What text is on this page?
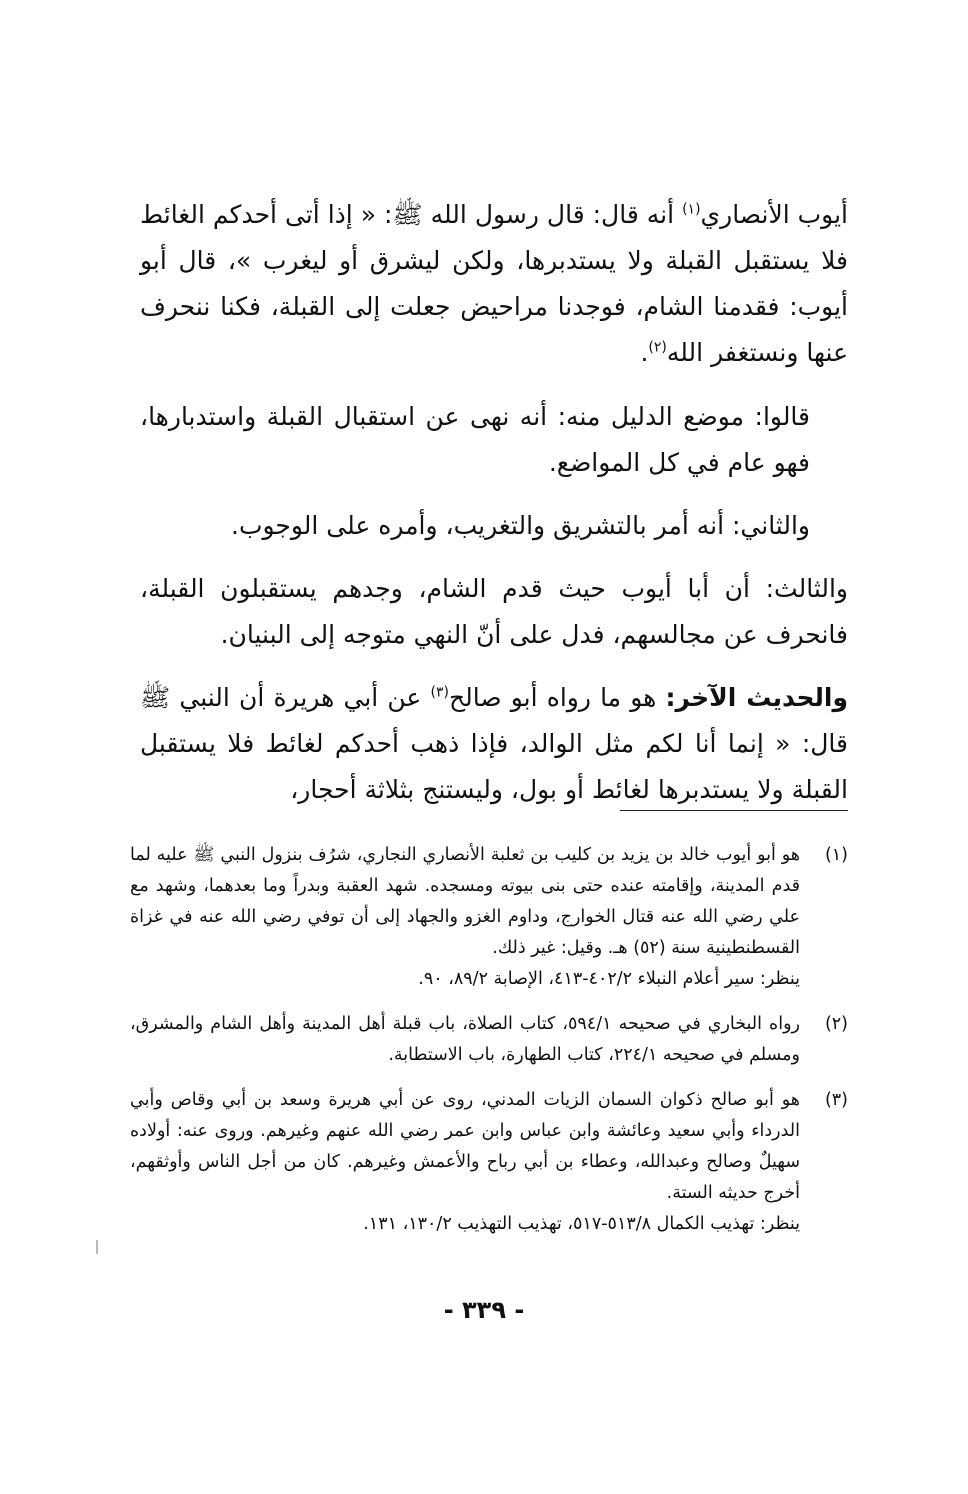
أيوب الأنصاري$^{(١)}$ أنه قال: قال رسول الله ﷺ: « إذا أتى أحدكم الغائط فلا يستقبل القبلة ولا يستدبرها، ولكن ليشرق أو ليغرب »، قال أبو أيوب: فقدمنا الشام، فوجدنا مراحيض جعلت إلى القبلة، فكنا ننحرف عنها ونستغفر الله$^{(٢)}$.

قالوا: موضع الدليل منه: أنه نهى عن استقبال القبلة واستدبارها، فهو عام في كل المواضع.

والثاني: أنه أمر بالتشريق والتغريب، وأمره على الوجوب.

والثالث: أن أبا أيوب حيث قدم الشام، وجدهم يستقبلون القبلة، فانحرف عن مجالسهم، فدل على أنّ النهي متوجه إلى البنيان.

والحديث الآخر: هو ما رواه أبو صالح$^{(٣)}$ عن أبي هريرة أن النبي ﷺ قال: « إنما أنا لكم مثل الوالد، فإذا ذهب أحدكم لغائط فلا يستقبل القبلة ولا يستدبرها لغائط أو بول، وليستنج بثلاثة أحجار،

(١)
هو أبو أيوب خالد بن يزيد بن كليب بن ثعلبة الأنصاري النجاري، شرُف بنزول النبي ﷺ عليه لما قدم المدينة، وإقامته عنده حتى بنى بيوته ومسجده. شهد العقبة وبدراً وما بعدهما، وشهد مع علي رضي الله عنه قتال الخوارج، وداوم الغزو والجهاد إلى أن توفي رضي الله عنه في غزاة القسطنطينية سنة (٥٢) هـ. وقيل: غير ذلك.
ينظر: سير أعلام النبلاء ٤٠٢/٢-٤١٣، الإصابة ٨٩/٢، ٩٠.
(٢)
رواه البخاري في صحيحه ٥٩٤/١، كتاب الصلاة، باب قبلة أهل المدينة وأهل الشام والمشرق، ومسلم في صحيحه ٢٢٤/١، كتاب الطهارة، باب الاستطابة.
(٣)
هو أبو صالح ذكوان السمان الزيات المدني، روى عن أبي هريرة وسعد بن أبي وقاص وأبي الدرداء وأبي سعيد وعائشة وابن عباس وابن عمر رضي الله عنهم وغيرهم. وروى عنه: أولاده سهيلٌ وصالح وعبدالله، وعطاء بن أبي رباح والأعمش وغيرهم. كان من أجل الناس وأوثقهم، أخرج حديثه الستة.
ينظر: تهذيب الكمال ٥١٣/٨-٥١٧، تهذيب التهذيب ١٣٠/٢، ١٣١.
- ٣٣٩ -
